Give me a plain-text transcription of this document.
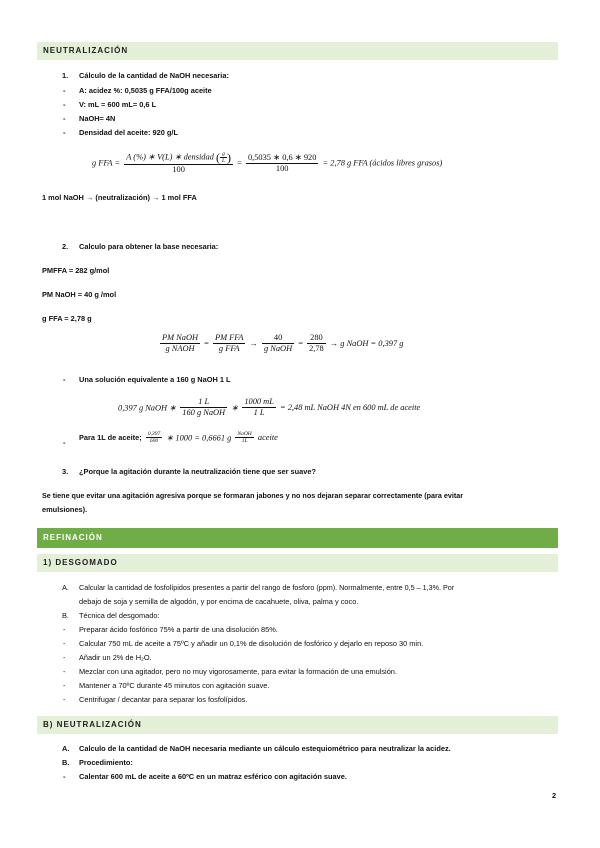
NEUTRALIZACIÓN
1. Cálculo de la cantidad de NaOH necesaria:
- A: acidez %: 0,5035 g FFA/100g aceite
- V: mL = 600 mL= 0,6 L
- NaOH= 4N
- Densidad del aceite: 920 g/L
g FFA = $\frac{A (\%) ∗ V(L) ∗ densidad ( \frac{g}{L} )}{100} = \frac{0,5035 ∗ 0,6 ∗ 920}{100} = 2,78$ g FFA (ácidos libres grasos)
1 mol NaOH → (neutralización) → 1 mol FFA
2. Calculo para obtener la base necesaria:
PMFFA = 282 g/mol
PM NaOH = 40 g /mol
g FFA = 2,78 g
$\frac{\text{PM NaOH}}{\text{g NAOH}} = \frac{\text{PM FFA}}{\text{g FFA}} \to \frac{40}{\text{g NaOH}} = \frac{280}{2,78} \to g$ NaOH = 0,397 g
- Una solución equivalente a 160 g NaOH 1 L
0,397 g NaOH ∗ $\frac{1 L}{\text{160 g NaOH}}$ ∗ $\frac{1000 mL}{1 L} = 2,48$ mL NaOH 4N en 600 mL de aceite
-
Para 1L de aceite; $\frac{0,397}{600}$ ∗ 1000 = 0,6661 g $\frac{\text{NaOH}}{1L}$ aceite
3. ¿Porque la agitación durante la neutralización tiene que ser suave?
Se tiene que evitar una agitación agresiva porque se formaran jabones y no nos dejaran separar correctamente (para evitar
emulsiones).
REFINACIÓN
1) DESGOMADO
A. Calcular la cantidad de fosfolípidos presentes a partir del rango de fosforo (ppm). Normalmente, entre 0,5 – 1,3%. Por
debajo de soja y semilla de algodón, y por encima de cacahuete, oliva, palma y coco.
B. Técnica del desgomado:
- Preparar ácido fosfórico 75% a partir de una disolución 85%.
- Calcular 750 mL de aceite a 75ºC y añadir un 0,1% de disolución de fosfórico y dejarlo en reposo 30 min.
- Añadir un 2% de H₂O.
- Mezclar con una agitador, pero no muy vigorosamente, para evitar la formación de una emulsión.
- Mantener a 70ºC durante 45 minutos con agitación suave.
- Centrifugar / decantar para separar los fosfolípidos.
B) NEUTRALIZACIÓN
A. Calculo de la cantidad de NaOH necesaria mediante un cálculo estequiométrico para neutralizar la acidez.
B. Procedimiento:
- Calentar 600 mL de aceite a 60ºC en un matraz esférico con agitación suave.
2
